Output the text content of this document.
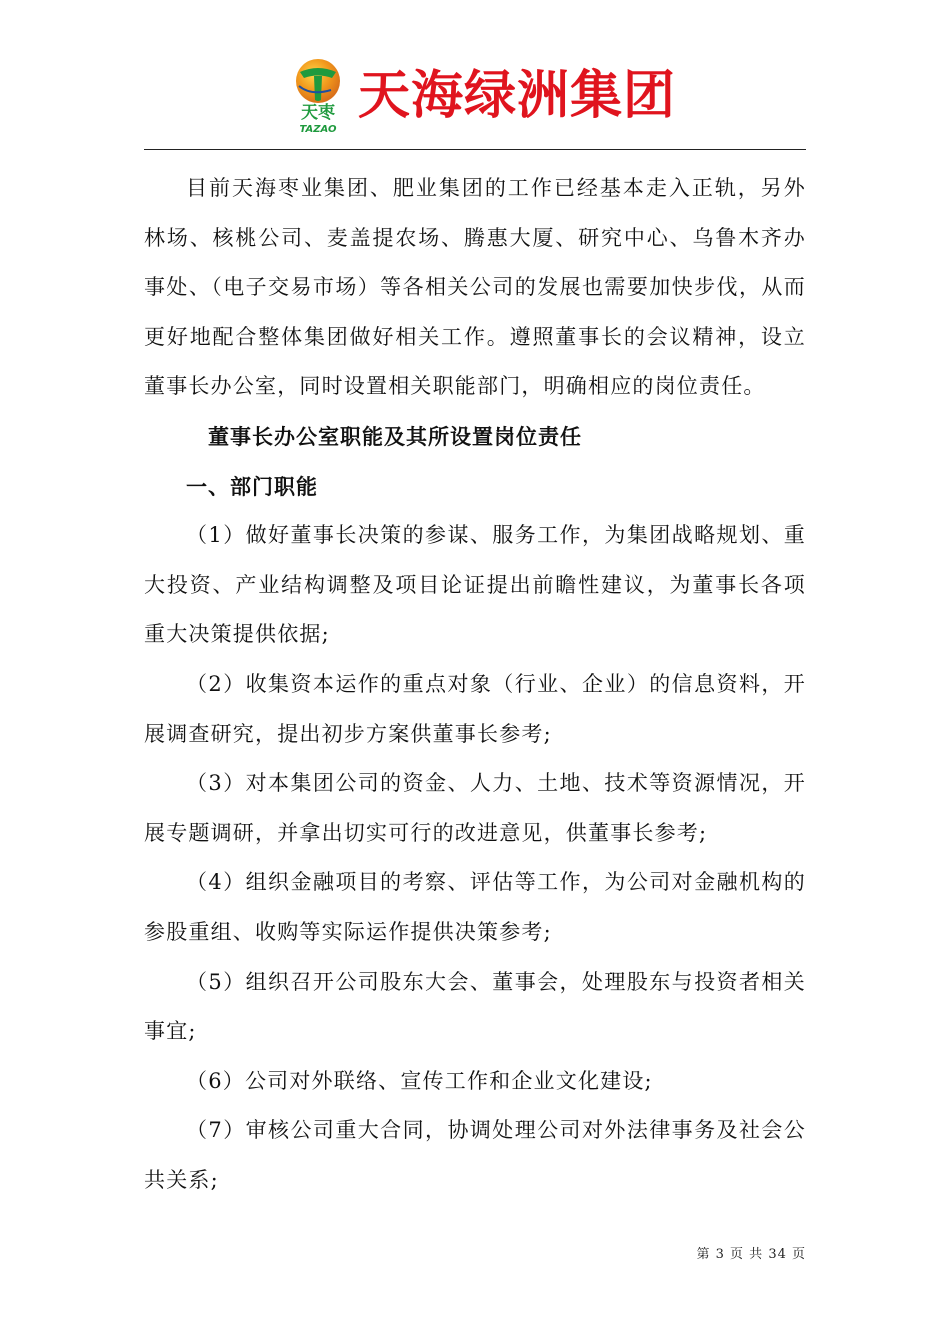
天枣
TAZAO
天海绿洲集团

目前天海枣业集团、肥业集团的工作已经基本走入正轨，另外林场、核桃公司、麦盖提农场、腾惠大厦、研究中心、乌鲁木齐办事处、（电子交易市场）等各相关公司的发展也需要加快步伐，从而更好地配合整体集团做好相关工作。遵照董事长的会议精神，设立董事长办公室，同时设置相关职能部门，明确相应的岗位责任。

董事长办公室职能及其所设置岗位责任

一、部门职能

（1）做好董事长决策的参谋、服务工作，为集团战略规划、重大投资、产业结构调整及项目论证提出前瞻性建议，为董事长各项重大决策提供依据;

（2）收集资本运作的重点对象（行业、企业）的信息资料，开展调查研究，提出初步方案供董事长参考;

（3）对本集团公司的资金、人力、土地、技术等资源情况，开展专题调研，并拿出切实可行的改进意见，供董事长参考;

（4）组织金融项目的考察、评估等工作，为公司对金融机构的参股重组、收购等实际运作提供决策参考;

（5）组织召开公司股东大会、董事会，处理股东与投资者相关事宜;

（6）公司对外联络、宣传工作和企业文化建设;

（7）审核公司重大合同，协调处理公司对外法律事务及社会公共关系;

第 3 页 共 34 页
